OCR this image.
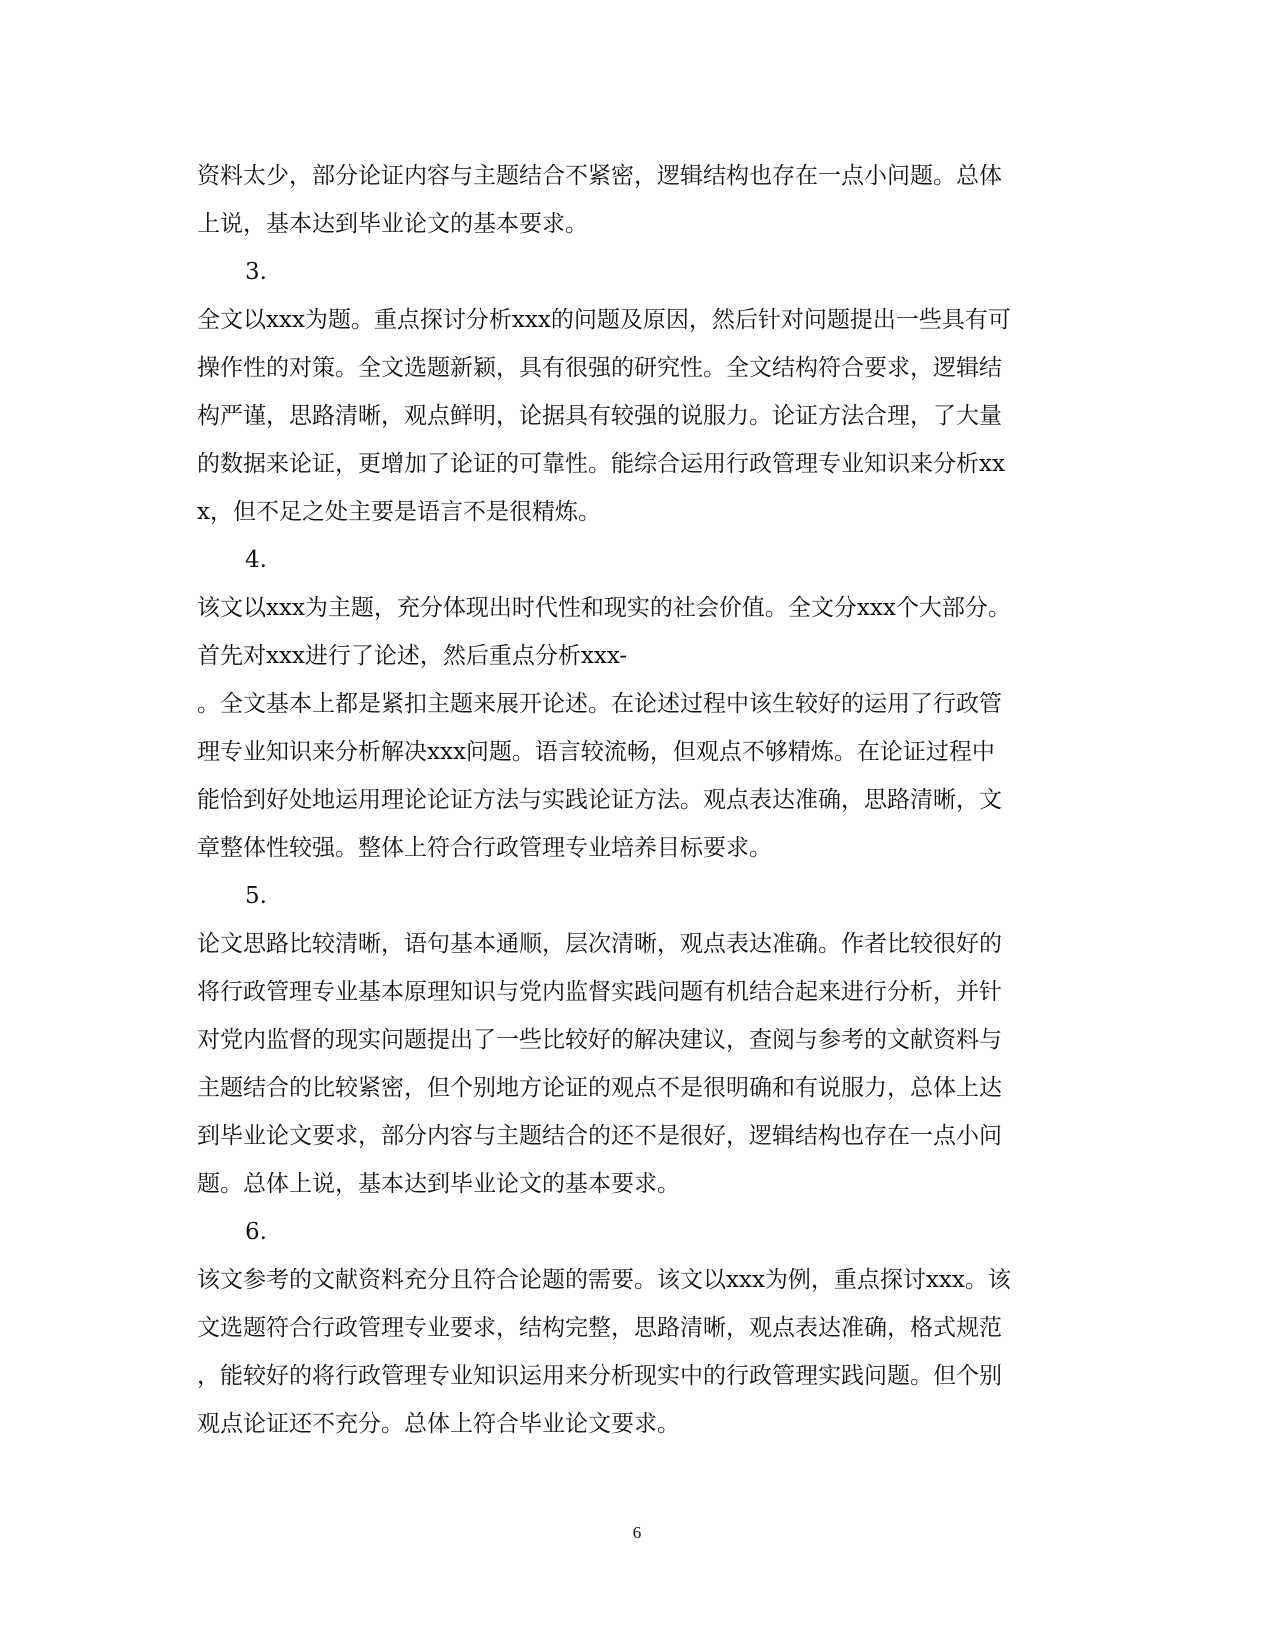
资料太少，部分论证内容与主题结合不紧密，逻辑结构也存在一点小问题。总体
上说，基本达到毕业论文的基本要求。
3.
全文以xxx为题。重点探讨分析xxx的问题及原因，然后针对问题提出一些具有可
操作性的对策。全文选题新颖，具有很强的研究性。全文结构符合要求，逻辑结
构严谨，思路清晰，观点鲜明，论据具有较强的说服力。论证方法合理，了大量
的数据来论证，更增加了论证的可靠性。能综合运用行政管理专业知识来分析xx
x，但不足之处主要是语言不是很精炼。
4.
该文以xxx为主题，充分体现出时代性和现实的社会价值。全文分xxx个大部分。
首先对xxx进行了论述，然后重点分析xxx-
。全文基本上都是紧扣主题来展开论述。在论述过程中该生较好的运用了行政管
理专业知识来分析解决xxx问题。语言较流畅，但观点不够精炼。在论证过程中
能恰到好处地运用理论论证方法与实践论证方法。观点表达准确，思路清晰，文
章整体性较强。整体上符合行政管理专业培养目标要求。
5.
论文思路比较清晰，语句基本通顺，层次清晰，观点表达准确。作者比较很好的
将行政管理专业基本原理知识与党内监督实践问题有机结合起来进行分析，并针
对党内监督的现实问题提出了一些比较好的解决建议，查阅与参考的文献资料与
主题结合的比较紧密，但个别地方论证的观点不是很明确和有说服力，总体上达
到毕业论文要求，部分内容与主题结合的还不是很好，逻辑结构也存在一点小问
题。总体上说，基本达到毕业论文的基本要求。
6.
该文参考的文献资料充分且符合论题的需要。该文以xxx为例，重点探讨xxx。该
文选题符合行政管理专业要求，结构完整，思路清晰，观点表达准确，格式规范
，能较好的将行政管理专业知识运用来分析现实中的行政管理实践问题。但个别
观点论证还不充分。总体上符合毕业论文要求。
6
